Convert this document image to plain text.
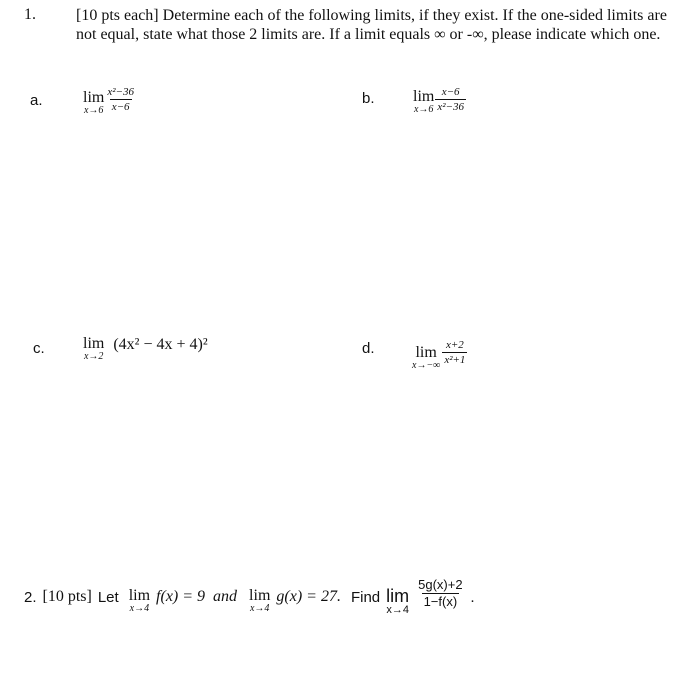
1.	[10 pts each] Determine each of the following limits, if they exist. If the one-sided limits are not equal, state what those 2 limits are. If a limit equals ∞ or -∞, please indicate which one.
a.	lim
$x\to 6 \frac{\text{x²−36}}{x-6}$	b. lim
$x\to 6 \frac{x-6}{\text{x²−36}}$
c. lim
x→2
(4x² − 4x + 4)²	d.	lim
$x\to-\infty \frac{x+2}{\text{x²+1}}$
2. [10 pts] Let lim
x→4
f(x) = 9 and lim
x→4
g(x) = 27. Find lim
x→4
$\frac{5g(x)+2}{1-f(x)}$ .
